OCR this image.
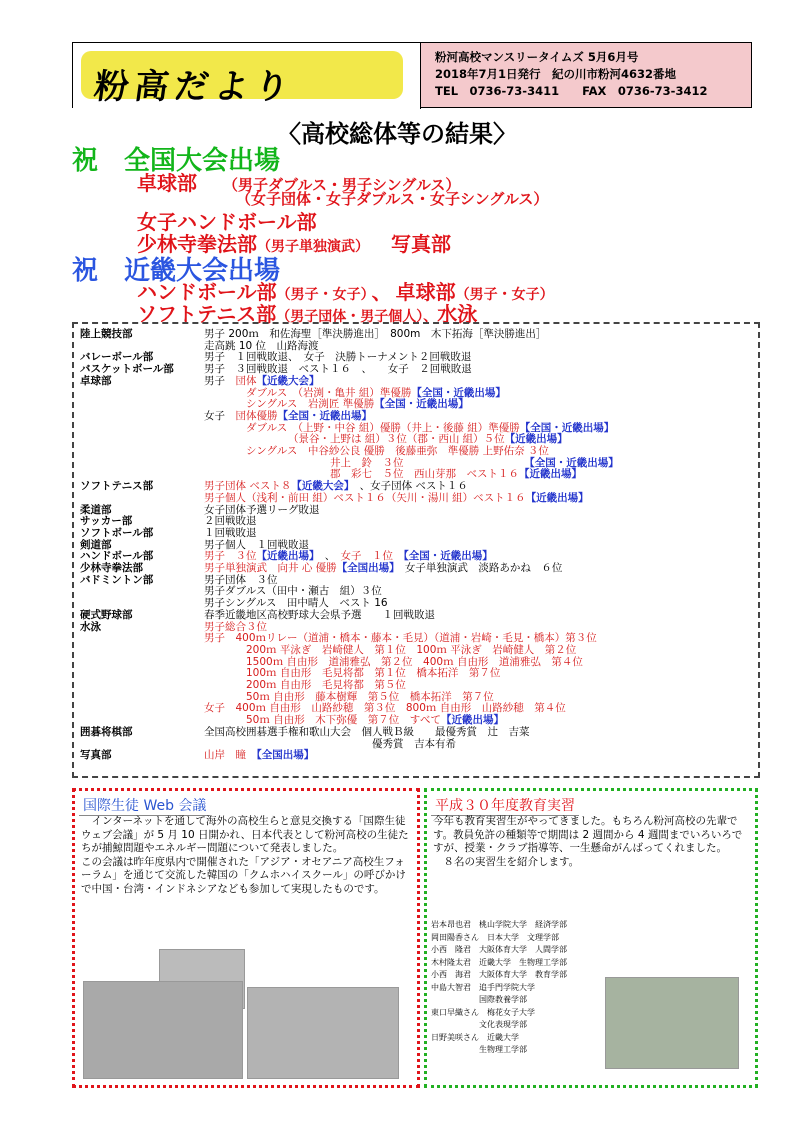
粉高だより
粉河高校マンスリータイムズ 5月6月号
2018年7月1日発行　紀の川市粉河4632番地
TEL　0736-73-3411　　FAX　0736-73-3412
〈高校総体等の結果〉
祝　全国大会出場
卓球部 （男子ダブルス・男子シングルス）
（女子団体・女子ダブルス・女子シングルス）
女子ハンドボール部
少林寺拳法部（男子単独演武） 写真部
祝　近畿大会出場
ハンドボール部（男子・女子） 、 卓球部（男子・女子）
ソフトテニス部（男子団体・男子個人）、水泳
陸上競技部	男子 200ｍ　和佐海聖［準決勝進出］　800m　木下拓海［準決勝進出］
走高跳 10 位　山路海渡
バレーボール部	男子　１回戦敗退、　女子　決勝トーナメント２回戦敗退
バスケットボール部	男子　３回戦敗退　ベスト１６　、　　女子　２回戦敗退
卓球部	男子　団体【近畿大会】
ダブルス　（岩渕・亀井 組）準優勝【全国・近畿出場】
シングルス　岩渕匠 準優勝【全国・近畿出場】
女子　団体優勝【全国・近畿出場】
ダブルス　（上野・中谷 組）優勝（井上・後藤 組）準優勝【全国・近畿出場】
（景谷・上野は 組）３位（郡・西山 組）５位【近畿出場】
シングルス　中谷紗公良 優勝　後藤亜弥　準優勝 上野佑奈 ３位
井上　鈴　３位　　　　　　　　　　　　【全国・近畿出場】
郡　彩七　５位　西山芽那　ベスト１６【近畿出場】
ソフトテニス部	男子団体 ベスト８【近畿大会】　、女子団体 ベスト１６
男子個人（浅利・前田 組）ベスト１６（矢川・湯川 組）ベスト１６【近畿出場】
柔道部	女子団体予選リーグ敗退
サッカー部	２回戦敗退
ソフトボール部	１回戦敗退
剣道部	男子個人　１回戦敗退
ハンドボール部	男子　３位【近畿出場】　、　女子　１位　【全国・近畿出場】
少林寺拳法部	男子単独演武　向井 心 優勝【全国出場】　女子単独演武　淡路あかね　６位
バドミントン部	男子団体　３位
男子ダブルス（田中・瀬古　組）３位
男子シングルス　田中晴人　ベスト 16
硬式野球部	春季近畿地区高校野球大会県予選　　１回戦敗退
水泳	男子総合３位
男子　400ｍリレー（道浦・橋本・藤本・毛見）（道浦・岩崎・毛見・橋本）第３位
200ｍ 平泳ぎ　岩崎健人　第１位　100ｍ 平泳ぎ　岩崎健人　第２位
1500ｍ 自由形　道浦雅弘　第２位　400ｍ 自由形　道浦雅弘　第４位
100ｍ 自由形　毛見将都　第１位　橋本拓洋　第７位
200ｍ 自由形　毛見将都　第５位
50ｍ 自由形　藤本樹輝　第５位　橋本拓洋　第７位
女子　400ｍ 自由形　山路紗穂　第３位　800ｍ 自由形　山路紗穂　第４位
50ｍ 自由形　木下弥優　第７位　すべて【近畿出場】
囲碁将棋部	全国高校囲碁選手権和歌山大会　個人戦Ｂ級　　最優秀賞　辻　吉菜
優秀賞　吉本有希
写真部	山岸　瞳　【全国出場】
国際生徒 Web 会議
インターネットを通して海外の高校生らと意見交換する「国際生徒ウェブ会議」が 5 月 10 日開かれ、日本代表として粉河高校の生徒たちが捕鯨問題やエネルギー問題について発表しました。
この会議は昨年度県内で開催された「アジア・オセアニア高校生フォーラム」を通じて交流した韓国の「クムホハイスクール」の呼びかけで中国・台湾・インドネシアなども参加して実現したものです。
平成３０年度教育実習
今年も教育実習生がやってきました。もちろん粉河高校の先輩です。教員免許の種類等で期間は 2 週間から 4 週間までいろいろですが、授業・クラブ指導等、一生懸命がんばってくれました。
８名の実習生を紹介します。
岩本昂也君　桃山学院大学　経済学部
岡田陽香さん　日本大学　文理学部
小西　隆君　大阪体育大学　人間学部
木村隆太君　近畿大学　生物理工学部
小西　海君　大阪体育大学　教育学部
中島大智君　追手門学院大学
　　　　　　国際教養学部
東口早織さん　梅花女子大学
　　　　　　文化表現学部
日野美咲さん　近畿大学
　　　　　　生物理工学部
